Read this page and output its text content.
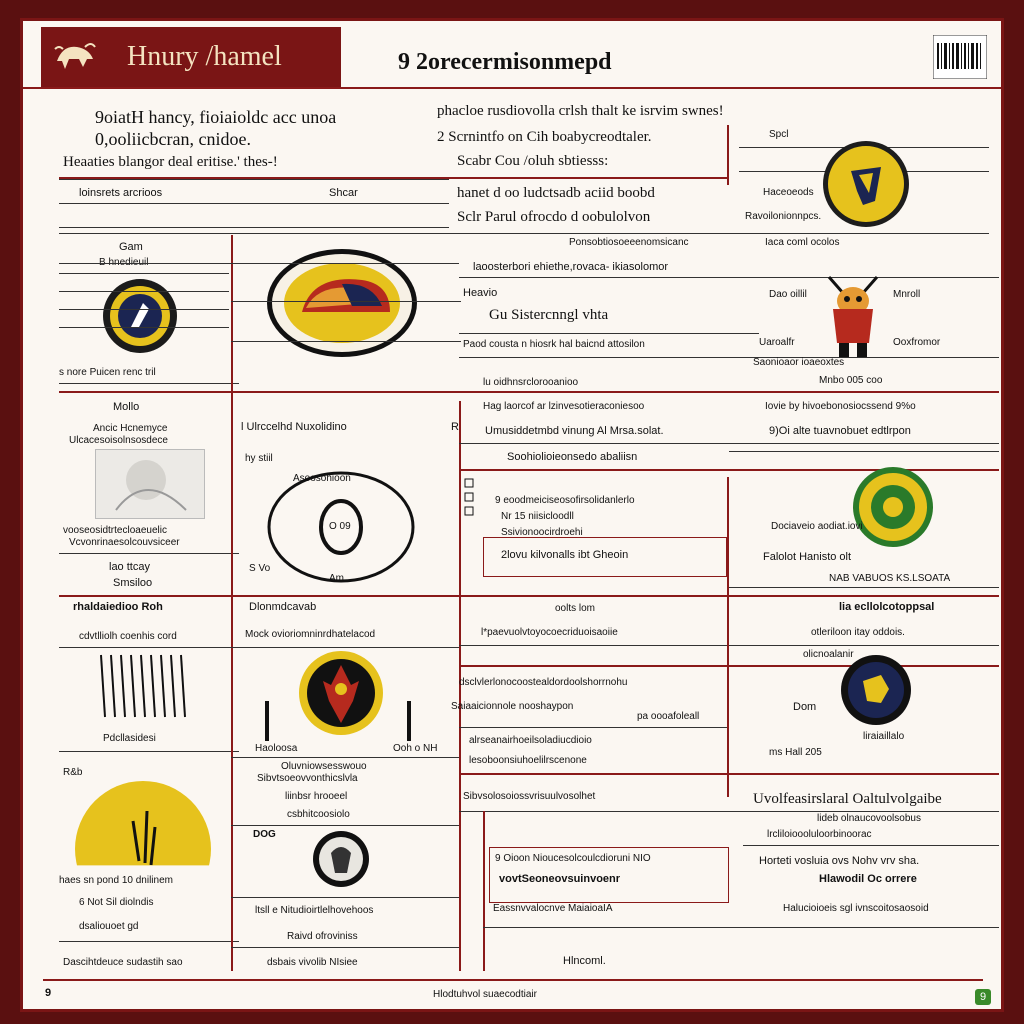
Hnury /hamel	9 2orecermisonmepd
9oiatH hancy, fioiaioldc acc unoa
0,ooliicbcran, cnidoe.
Heaaties blangor deal eritise.' thes-!
loinsrets arcrioos	Shcar
phacloe rusdiovolla crlsh thalt ke isrvim swnes!
2 Scrnintfo on Cih boabycreodtaler.
Scabr Cou /oluh sbtiesss:
hanet d oo ludctsadb aciid boobd
Sclr Parul ofrocdo d oobulolvon
Spcl
Haceoeods
Ravoilonionnpcs.
Gam
s nore Puicen renc tril
Ponsobtiosoeeenomsicanc
laoosterbori ehiethe,rovaca- ikiasolomor
Heavio
Gu Sistercnngl vhta
Paod cousta n hiosrk hal baicnd attosilon
lu oidhnsrclorooanioo
Iaca coml ocolos
Dao oillil	Mnroll
Uaroalfr	Ooxfromor
Saonioaor ioaeoxtes
Mnbo 005 coo
Mollo
Ancic Hcnemyce
Ulcacesoisolnsosdece
vooseosidtrtecloaeuelic
Vcvonrinaesolcouvsiceer
lao ttcay
Smsiloo
rhaldaiedioo Roh
cdvtlliolh coenhis cord
Pdcllasidesi
R&b
haes sn pond 10 dnilinem
6 Not Sil diolndis
dsaliouoet gd
Dascihtdeuce sudastih sao
l Ulrccelhd Nuxolidino	R
hy stiil
Asoosohioon
O 09
Am
S Vo
Dlonmdcavab
Mock ovioriomninrdhatelacod
Haoloosa	Ooh o NH
Oluvniowsesswouo
Sibvtsoeovvonthicslvla
liinbsr hrooeel
csbhitcoosiolo
DOG
ltsll e Nitudioirtlelhovehoos
Raivd ofroviniss
dsbais vivolib NIsiee
Hag laorcof ar lzinvesotieraconiesoo
Umusiddetmbd vinung Al Mrsa.solat.
Soohiolioieonsedo abaliisn
9 eoodmeiciseosofirsolidanlerlo
Nr 15 niisicloodll
Ssivionoocirdroehi
2lovu kilvonalls ibt Gheoin
oolts lom
l*paevuolvtoyocoecriduoisaoiie
dsclvlerlonocoostealdordoolshorrnohu
Saiaaicionnole nooshaypon
pa oooafoleall
alrseanairhoeilsoladiucdioio
lesoboonsiuhoelilrscenone
Sibvsolosoiossvrisuulvosolhet
9 Oioon Nioucesolcoulcdioruni NIO
vovtSeoneovsuinvoenr
Eassnvvalocnve MaiaioaIA
Hlncoml.
Iovie by hivoebonosiocssend 9%o
9)Oi alte tuavnobuet edtlrpon
Dociaveio aodiat.iovi
Falolot Hanisto olt
NAB VABUOS KS.LSOATA
lia ecllolcotoppsal
otleriloon itay oddois.
olicnoalanir
Dom
liraiaillalo
ms Hall 205
Uvolfeasirslaral Oaltulvolgaibe
lideb olnaucovoolsobus
lrcliloioooluloorbinoorac
Horteti vosluia ovs Nohv vrv sha.
Hlawodil Oc orrere
Halucioioeis sgl ivnscoitosaosoid
9	Hlodtuhvol suaecodtiair	9
